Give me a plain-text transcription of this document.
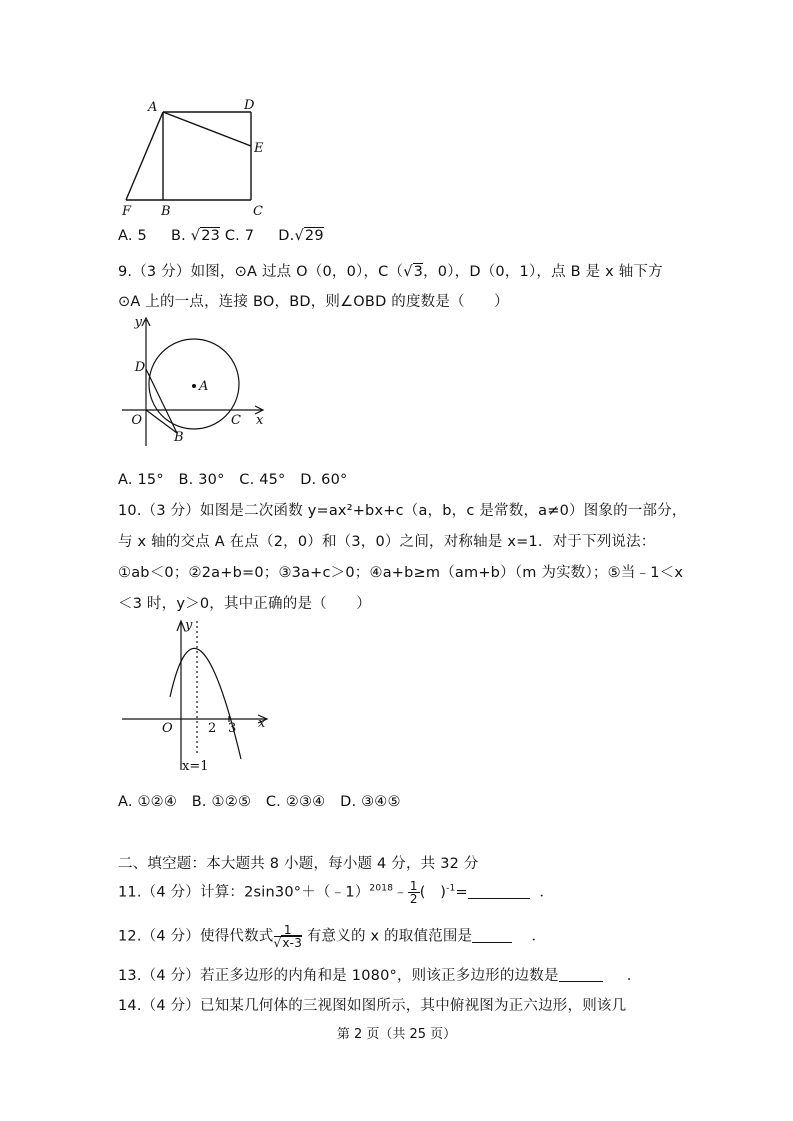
A	D
E
F B	C
A. 5 B. √23 C. 7 D.√29
9.（3 分）如图，⊙A 过点 O（0，0），C（√3，0），D（0，1），点 B 是 x 轴下方
⊙A 上的一点，连接 BO，BD，则∠OBD 的度数是（　　）
y
x
D
A
O	C
B
A. 15°　B. 30°　C. 45°　D. 60°
10.（3 分）如图是二次函数 y=ax²+bx+c（a，b，c 是常数，a≠0）图象的一部分，
与 x 轴的交点 A 在点（2，0）和（3，0）之间，对称轴是 x=1．对于下列说法：
①ab＜0；②2a+b=0；③3a+c＞0；④a+b≥m（am+b）（m 为实数）；⑤当﹣1＜x
＜3 时，y＞0，其中正确的是（　　）
y
x
O	2 3
x=1
A. ①②④　B. ①②⑤　C. ②③④　D. ③④⑤
二、填空题：本大题共 8 小题，每小题 4 分，共 32 分
11.（4 分）计算：2sin30°＋（﹣1）$^{2018}$﹣ $\frac{1}{2}$ (　)$^{-1}$=	．
12.（4 分）使得代数式 $\frac{1}{√x-3}$ 有意义的 x 的取值范围是	．
13.（4 分）若正多边形的内角和是 1080°，则该正多边形的边数是	．
14.（4 分）已知某几何体的三视图如图所示，其中俯视图为正六边形，则该几
第 2 页（共 25 页）
